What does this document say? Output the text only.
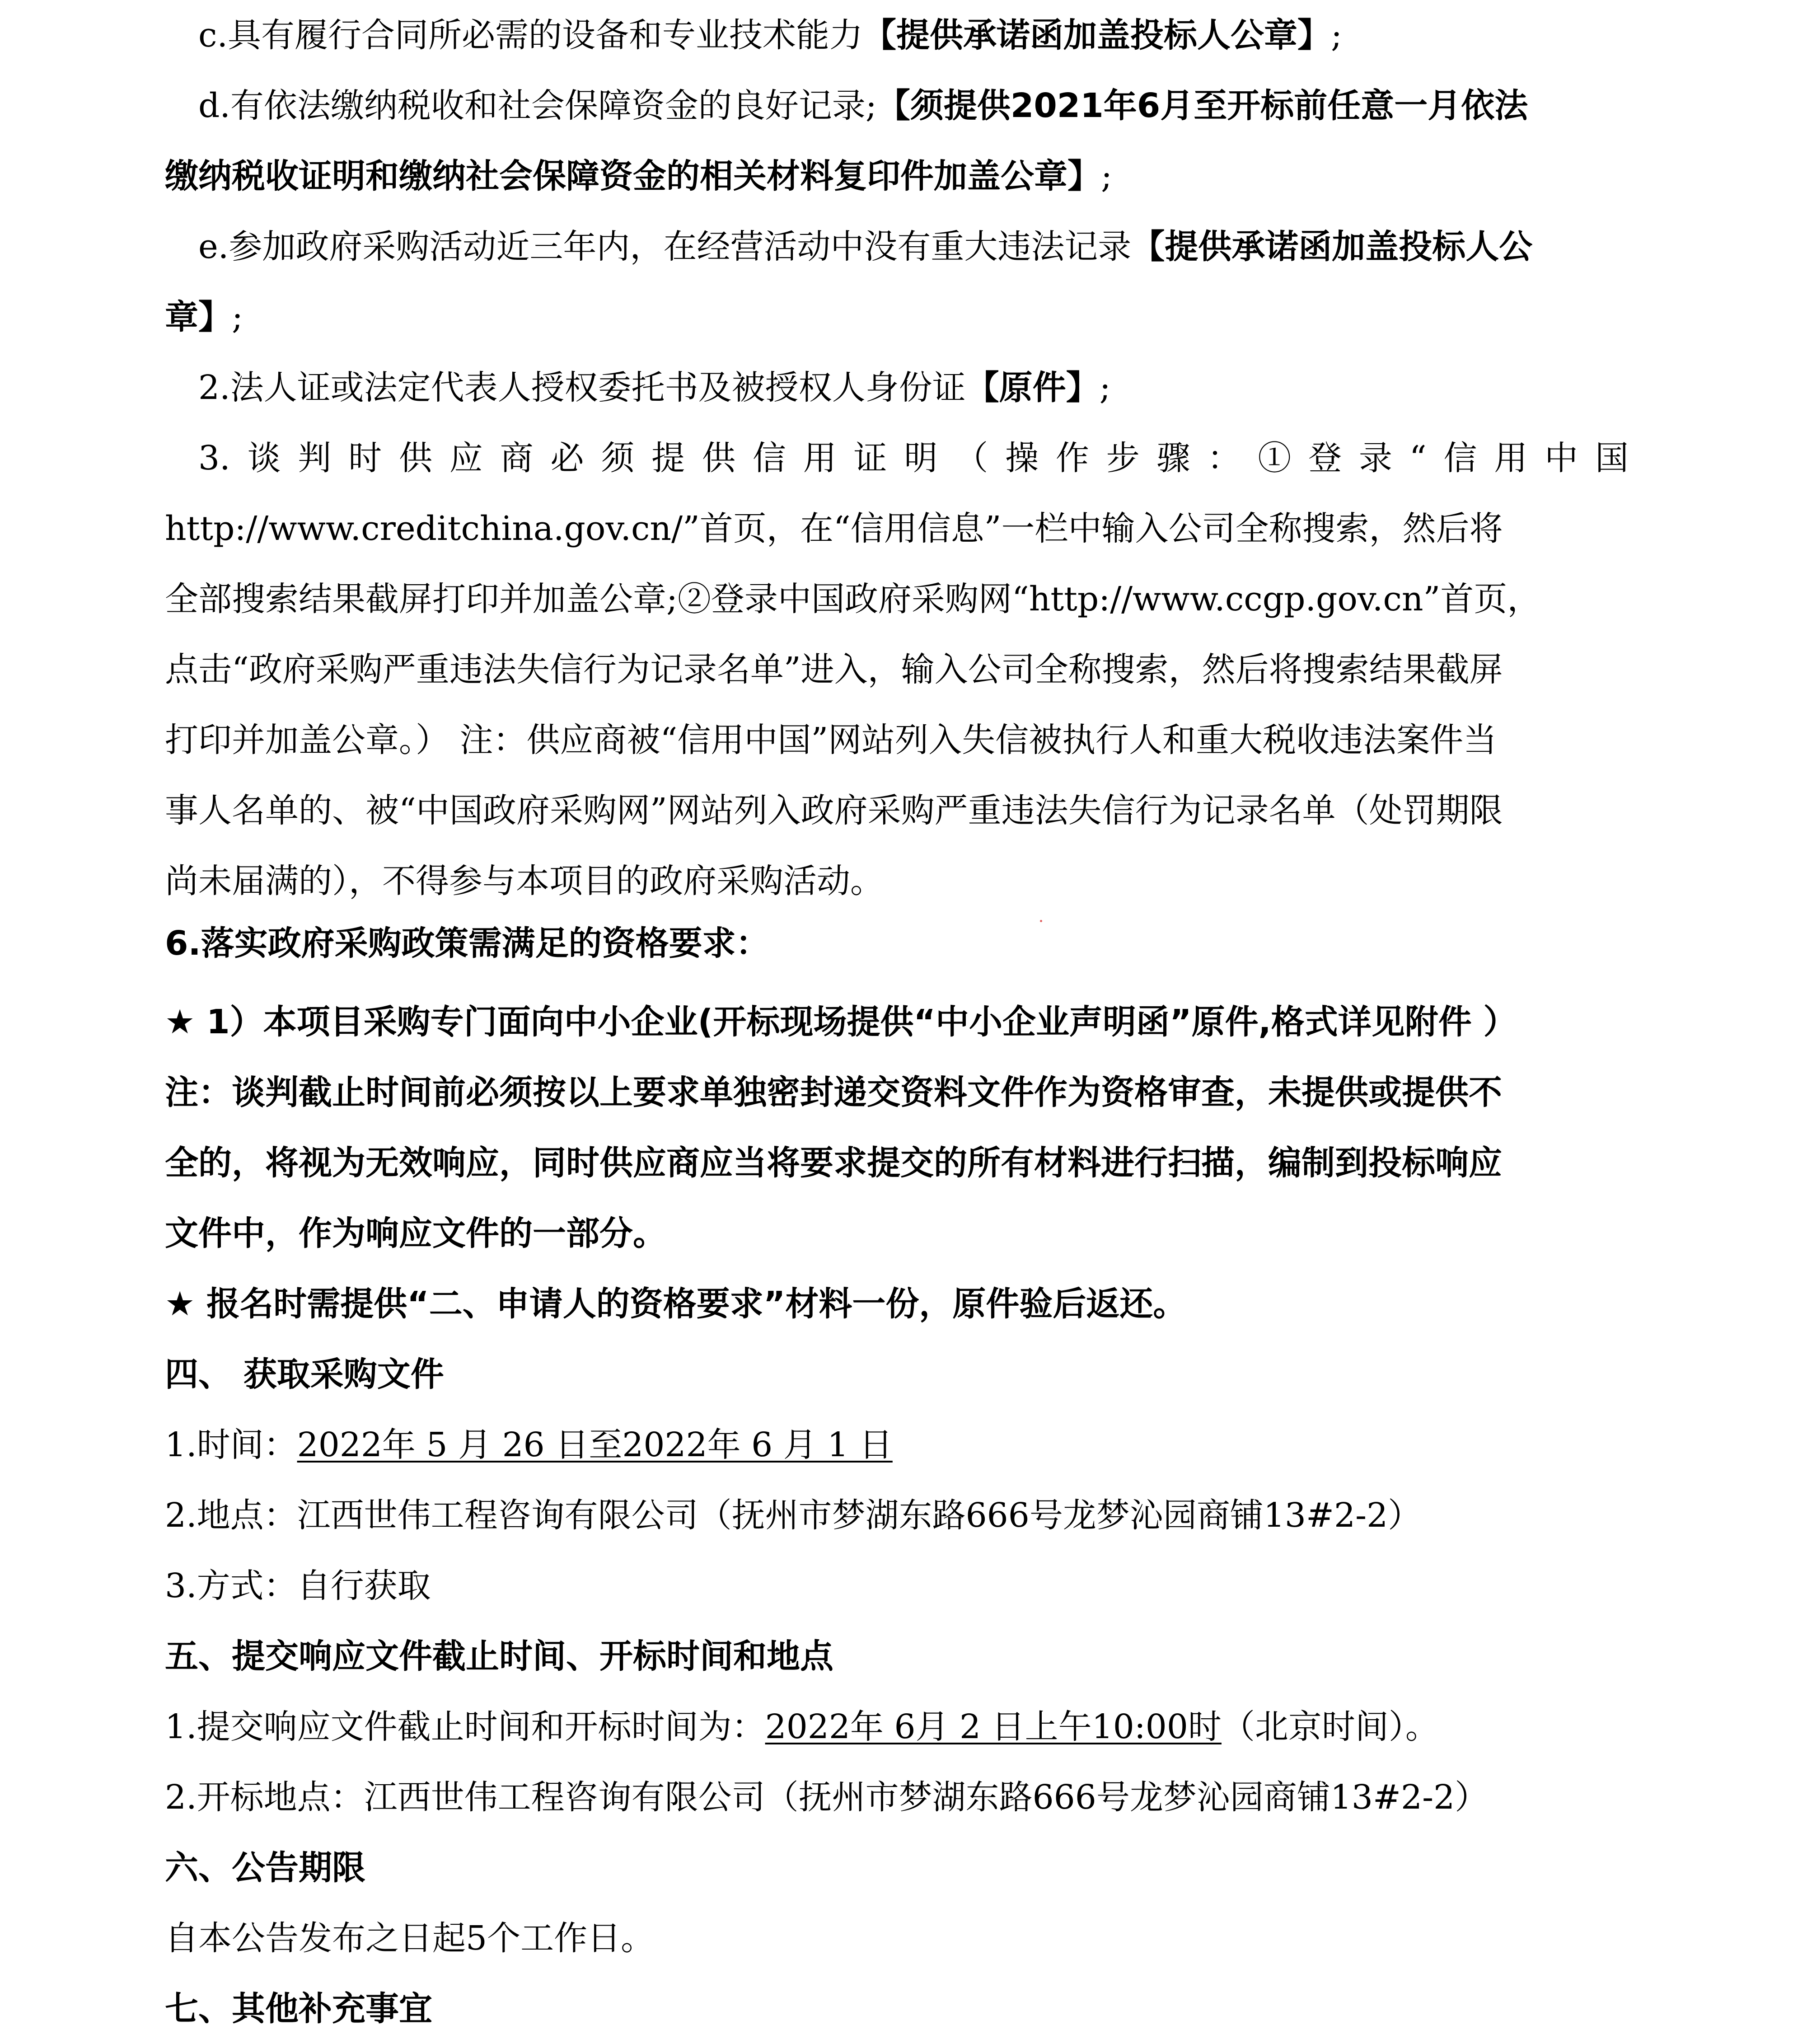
c.具有履行合同所必需的设备和专业技术能力【提供承诺函加盖投标人公章】;
d.有依法缴纳税收和社会保障资金的良好记录;【须提供2021年6月至开标前任意一月依法
缴纳税收证明和缴纳社会保障资金的相关材料复印件加盖公章】;
e.参加政府采购活动近三年内，在经营活动中没有重大违法记录【提供承诺函加盖投标人公
章】;
2.法人证或法定代表人授权委托书及被授权人身份证【原件】;
3.谈判时供应商必须提供信用证明（操作步骤：①登录“信用中国
http://www.creditchina.gov.cn/”首页，在“信用信息”一栏中输入公司全称搜索，然后将
全部搜索结果截屏打印并加盖公章;②登录中国政府采购网“http://www.ccgp.gov.cn”首页，
点击“政府采购严重违法失信行为记录名单”进入，输入公司全称搜索，然后将搜索结果截屏
打印并加盖公章。） 注：供应商被“信用中国”网站列入失信被执行人和重大税收违法案件当
事人名单的、被“中国政府采购网”网站列入政府采购严重违法失信行为记录名单（处罚期限
尚未届满的），不得参与本项目的政府采购活动。
6.落实政府采购政策需满足的资格要求：
★ 1）本项目采购专门面向中小企业(开标现场提供“中小企业声明函”原件,格式详见附件 ）
注：谈判截止时间前必须按以上要求单独密封递交资料文件作为资格审查，未提供或提供不
全的，将视为无效响应，同时供应商应当将要求提交的所有材料进行扫描，编制到投标响应
文件中，作为响应文件的一部分。
★ 报名时需提供“二、申请人的资格要求”材料一份，原件验后返还。
四、 获取采购文件
1.时间：2022年 5 月 26 日至2022年 6 月 1 日
2.地点：江西世伟工程咨询有限公司（抚州市梦湖东路666号龙梦沁园商铺13#2-2）
3.方式：自行获取
五、提交响应文件截止时间、开标时间和地点
1.提交响应文件截止时间和开标时间为：2022年 6月 2 日上午10:00时（北京时间）。
2.开标地点：江西世伟工程咨询有限公司（抚州市梦湖东路666号龙梦沁园商铺13#2-2）
六、公告期限
自本公告发布之日起5个工作日。
七、其他补充事宜
